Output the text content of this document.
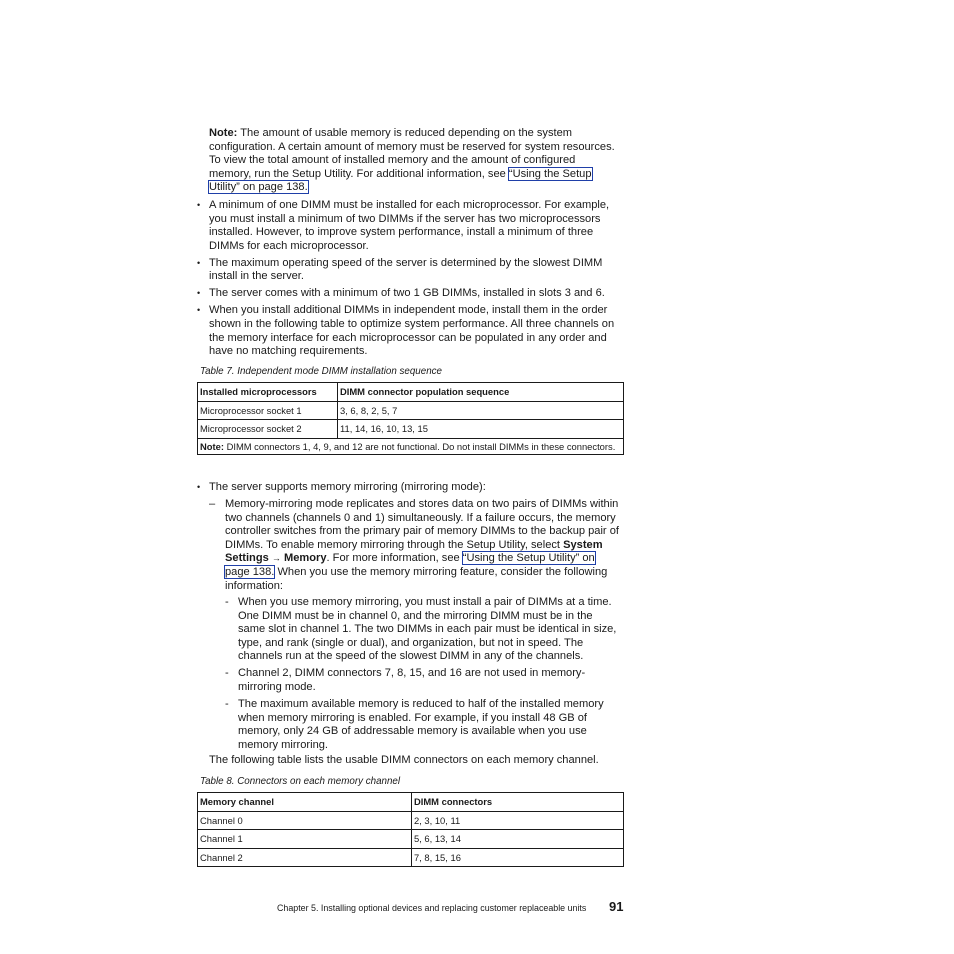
Note: The amount of usable memory is reduced depending on the system configuration. A certain amount of memory must be reserved for system resources. To view the total amount of installed memory and the amount of configured memory, run the Setup Utility. For additional information, see “Using the Setup Utility” on page 138.
• A minimum of one DIMM must be installed for each microprocessor. For example, you must install a minimum of two DIMMs if the server has two microprocessors installed. However, to improve system performance, install a minimum of three DIMMs for each microprocessor.
• The maximum operating speed of the server is determined by the slowest DIMM install in the server.
• The server comes with a minimum of two 1 GB DIMMs, installed in slots 3 and 6.
• When you install additional DIMMs in independent mode, install them in the order shown in the following table to optimize system performance. All three channels on the memory interface for each microprocessor can be populated in any order and have no matching requirements.
Table 7. Independent mode DIMM installation sequence
Installed microprocessors	DIMM connector population sequence
Microprocessor socket 1	3, 6, 8, 2, 5, 7
Microprocessor socket 2	11, 14, 16, 10, 13, 15
Note: DIMM connectors 1, 4, 9, and 12 are not functional. Do not install DIMMs in these connectors.	
• The server supports memory mirroring (mirroring mode):
– Memory-mirroring mode replicates and stores data on two pairs of DIMMs within two channels (channels 0 and 1) simultaneously. If a failure occurs, the memory controller switches from the primary pair of memory DIMMs to the backup pair of DIMMs. To enable memory mirroring through the Setup Utility, select System Settings → Memory. For more information, see “Using the Setup Utility” on page 138. When you use the memory mirroring feature, consider the following information:
- When you use memory mirroring, you must install a pair of DIMMs at a time. One DIMM must be in channel 0, and the mirroring DIMM must be in the same slot in channel 1. The two DIMMs in each pair must be identical in size, type, and rank (single or dual), and organization, but not in speed. The channels run at the speed of the slowest DIMM in any of the channels.
- Channel 2, DIMM connectors 7, 8, 15, and 16 are not used in memory-mirroring mode.
- The maximum available memory is reduced to half of the installed memory when memory mirroring is enabled. For example, if you install 48 GB of memory, only 24 GB of addressable memory is available when you use memory mirroring.
The following table lists the usable DIMM connectors on each memory channel.
Table 8. Connectors on each memory channel
Memory channel	DIMM connectors
Channel 0	2, 3, 10, 11
Channel 1	5, 6, 13, 14
Channel 2	7, 8, 15, 16
Chapter 5. Installing optional devices and replacing customer replaceable units 91
